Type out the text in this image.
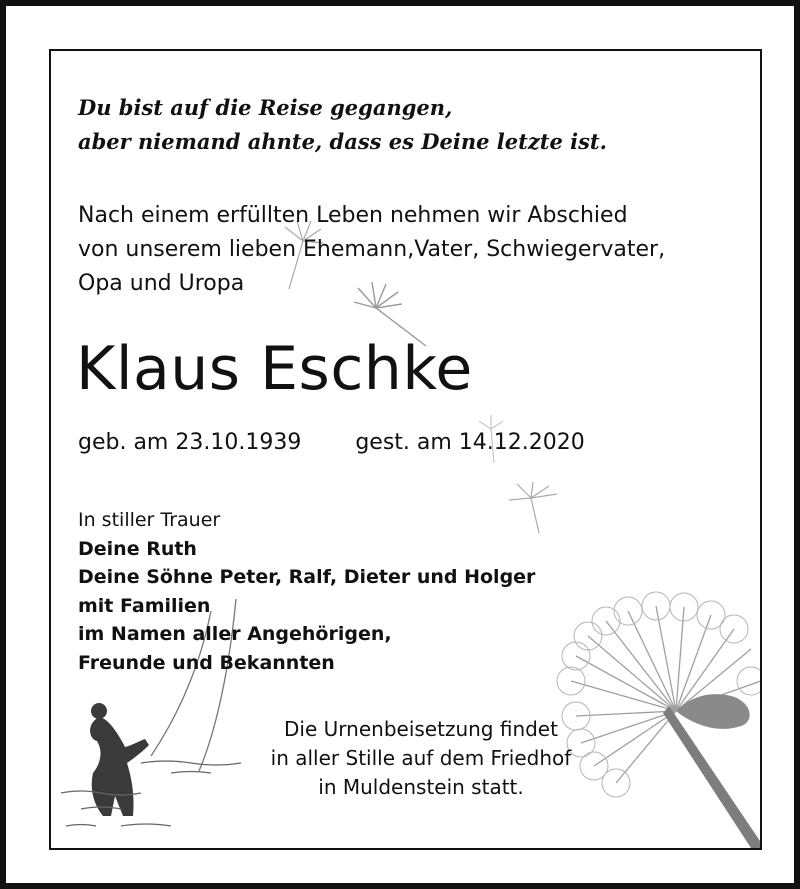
Du bist auf die Reise gegangen,
aber niemand ahnte, dass es Deine letzte ist.
Nach einem erfüllten Leben nehmen wir Abschied
von unserem lieben Ehemann,Vater, Schwiegervater,
Opa und Uropa
Klaus Eschke
geb. am 23.10.1939 gest. am 14.12.2020
In stiller Trauer
Deine Ruth
Deine Söhne Peter, Ralf, Dieter und Holger
mit Familien
im Namen aller Angehörigen,
Freunde und Bekannten
Die Urnenbeisetzung findet
in aller Stille auf dem Friedhof
in Muldenstein statt.
